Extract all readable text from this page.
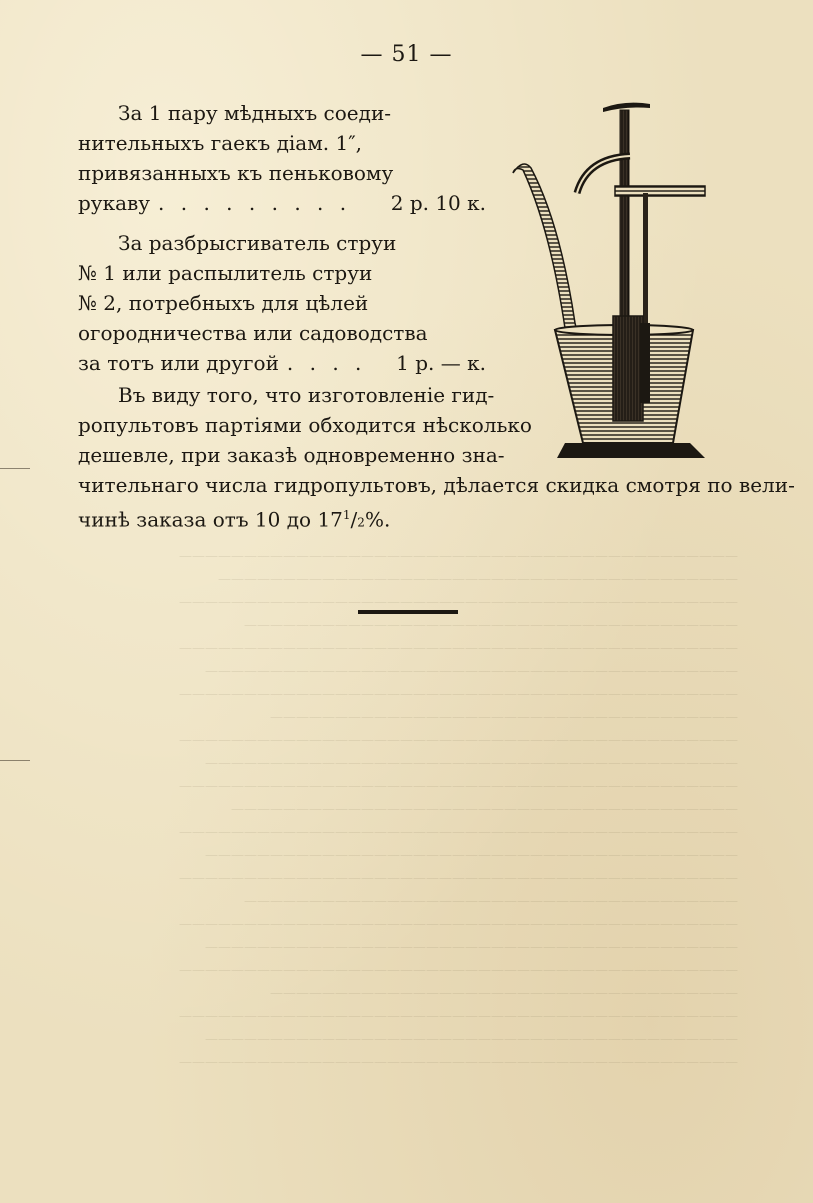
———————————————————————————————————————————
————————————————————————————————————————
———————————————————————————————————————————
——————————————————————————————————————
———————————————————————————————————————————
—————————————————————————————————————————
———————————————————————————————————————————
————————————————————————————————————
———————————————————————————————————————————
—————————————————————————————————————————
———————————————————————————————————————————
———————————————————————————————————————
———————————————————————————————————————————
—————————————————————————————————————————
———————————————————————————————————————————
——————————————————————————————————————
———————————————————————————————————————————
—————————————————————————————————————————
———————————————————————————————————————————
————————————————————————————————————
———————————————————————————————————————————
—————————————————————————————————————————
———————————————————————————————————————————
— 51 —
За 1 пару мѣдныхъ соеди-
нительныхъ гаекъ діам. 1″,
привязанныхъ къ пеньковому
рукаву . . . . . . . . .	2 р. 10 к.
За разбрысгиватель струи
№ 1 или распылитель струи
№ 2, потребныхъ для цѣлей
огородничества или садоводства
за тотъ или другой . . . .	1 р. — к.
Въ виду того, что изготовленіе гид-
ропультовъ партіями обходится нѣсколько
дешевле, при заказѣ одновременно зна-
чительнаго числа гидропультовъ, дѣлается скидка смотря по вели-
чинѣ заказа отъ 10 до $17^1/2\%$.
